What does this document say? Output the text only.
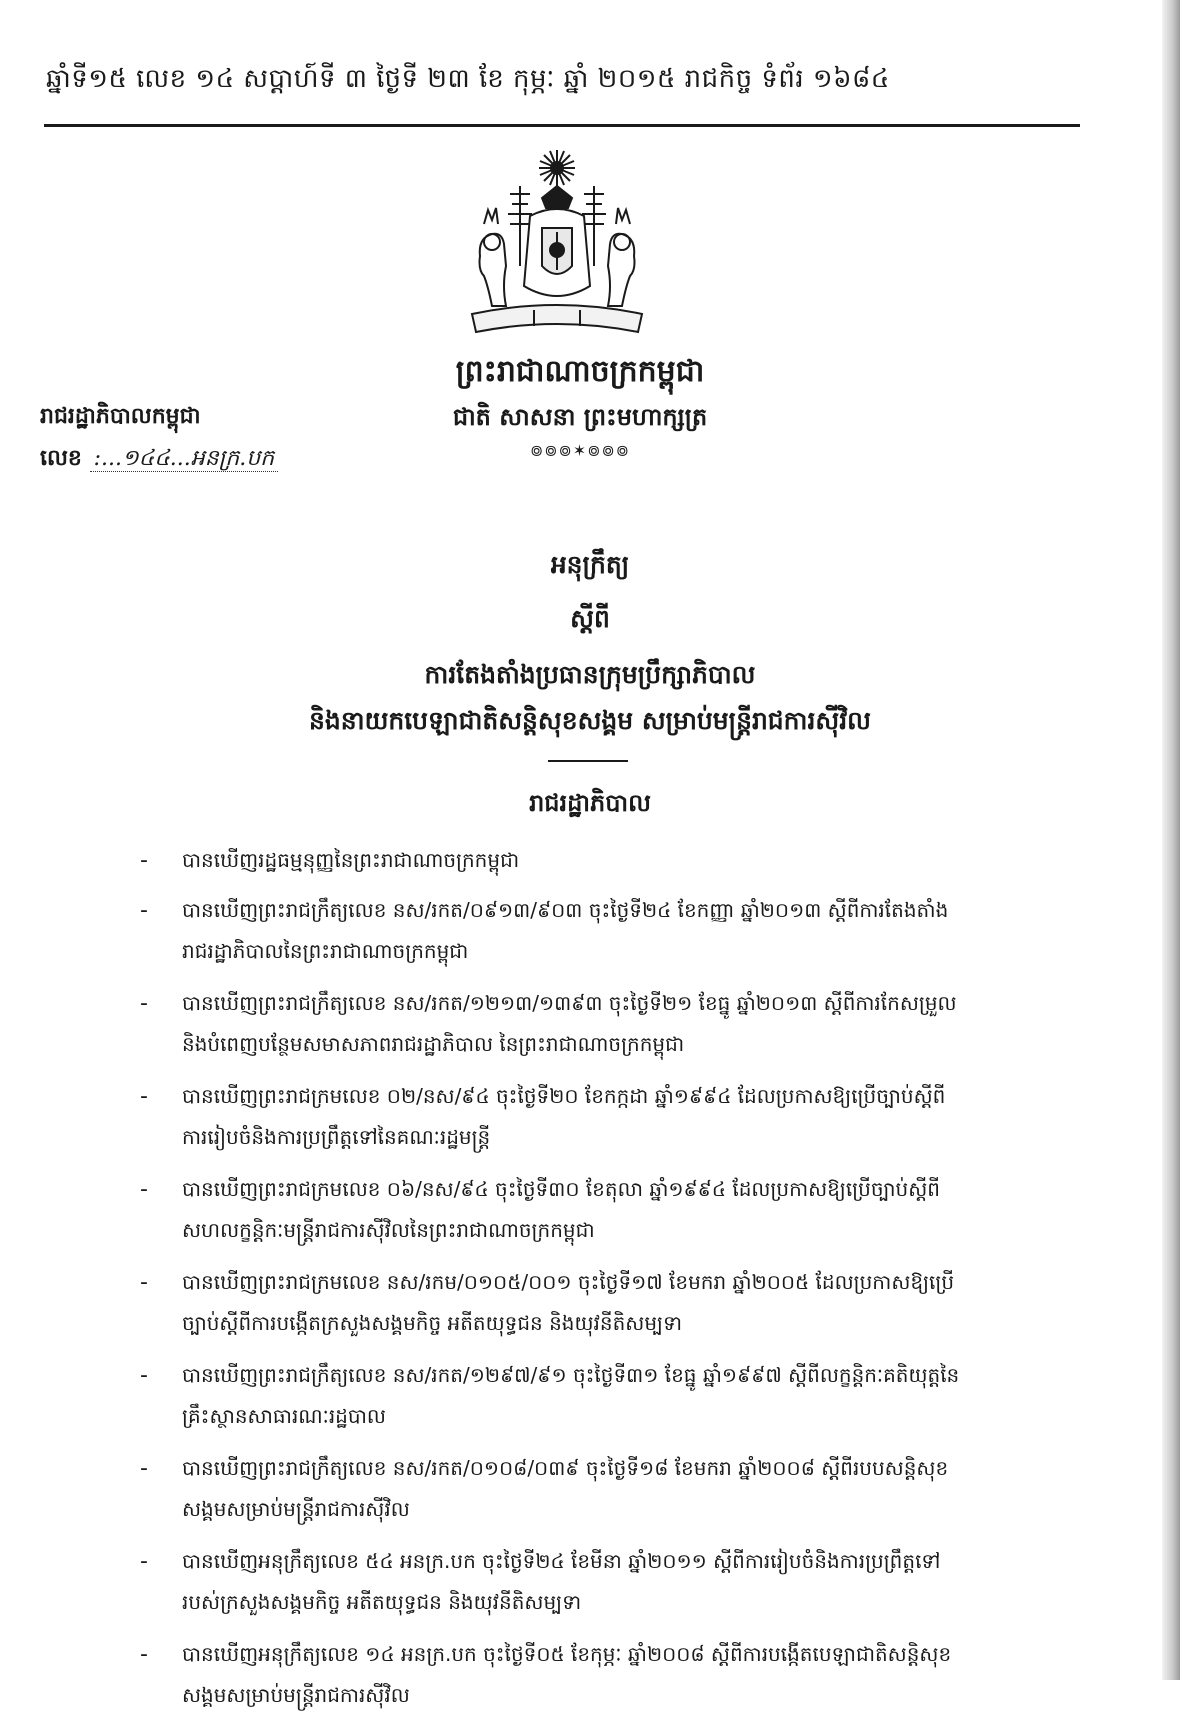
ឆ្នាំទី១៥ លេខ ១៤ សប្តាហ៍ទី ៣ ថ្ងៃទី ២៣ ខែ កុម្ភៈ ឆ្នាំ ២០១៥ រាជកិច្ច ទំព័រ ១៦៨៤
ព្រះរាជាណាចក្រកម្ពុជា
ជាតិ សាសនា ព្រះមហាក្សត្រ
៙៙៙✶៙៙៙
រាជរដ្ឋាភិបាលកម្ពុជា
លេខ :...១៤៤...អនក្រ.បក
អនុក្រឹត្យ
ស្តីពី
ការតែងតាំងប្រធានក្រុមប្រឹក្សាភិបាល
និងនាយកបេឡាជាតិសន្តិសុខសង្គម សម្រាប់មន្ត្រីរាជការស៊ីវិល
រាជរដ្ឋាភិបាល
- បានឃើញរដ្ឋធម្មនុញ្ញនៃព្រះរាជាណាចក្រកម្ពុជា
- បានឃើញព្រះរាជក្រឹត្យលេខ នស/រកត/០៩១៣/៩០៣ ចុះថ្ងៃទី២៤ ខែកញ្ញា ឆ្នាំ២០១៣ ស្តីពីការតែងតាំង
រាជរដ្ឋាភិបាលនៃព្រះរាជាណាចក្រកម្ពុជា
- បានឃើញព្រះរាជក្រឹត្យលេខ នស/រកត/១២១៣/១៣៩៣ ចុះថ្ងៃទី២១ ខែធ្នូ ឆ្នាំ២០១៣ ស្តីពីការកែសម្រួល
និងបំពេញបន្ថែមសមាសភាពរាជរដ្ឋាភិបាល នៃព្រះរាជាណាចក្រកម្ពុជា
- បានឃើញព្រះរាជក្រមលេខ ០២/នស/៩៤ ចុះថ្ងៃទី២០ ខែកក្កដា ឆ្នាំ១៩៩៤ ដែលប្រកាសឱ្យប្រើច្បាប់ស្តីពី
ការរៀបចំនិងការប្រព្រឹត្តទៅនៃគណៈរដ្ឋមន្ត្រី
- បានឃើញព្រះរាជក្រមលេខ ០៦/នស/៩៤ ចុះថ្ងៃទី៣០ ខែតុលា ឆ្នាំ១៩៩៤ ដែលប្រកាសឱ្យប្រើច្បាប់ស្តីពី
សហលក្ខន្តិកៈមន្ត្រីរាជការស៊ីវិលនៃព្រះរាជាណាចក្រកម្ពុជា
- បានឃើញព្រះរាជក្រមលេខ នស/រកម/០១០៥/០០១ ចុះថ្ងៃទី១៧ ខែមករា ឆ្នាំ២០០៥ ដែលប្រកាសឱ្យប្រើ
ច្បាប់ស្តីពីការបង្កើតក្រសួងសង្គមកិច្ច អតីតយុទ្ធជន និងយុវនីតិសម្បទា
- បានឃើញព្រះរាជក្រឹត្យលេខ នស/រកត/១២៩៧/៩១ ចុះថ្ងៃទី៣១ ខែធ្នូ ឆ្នាំ១៩៩៧ ស្តីពីលក្ខន្តិកៈគតិយុត្តនៃ
គ្រឹះស្ថានសាធារណៈរដ្ឋបាល
- បានឃើញព្រះរាជក្រឹត្យលេខ នស/រកត/០១០៨/០៣៩ ចុះថ្ងៃទី១៨ ខែមករា ឆ្នាំ២០០៨ ស្តីពីរបបសន្តិសុខ
សង្គមសម្រាប់មន្ត្រីរាជការស៊ីវិល
- បានឃើញអនុក្រឹត្យលេខ ៥៤ អនក្រ.បក ចុះថ្ងៃទី២៤ ខែមីនា ឆ្នាំ២០១១ ស្តីពីការរៀបចំនិងការប្រព្រឹត្តទៅ
របស់ក្រសួងសង្គមកិច្ច អតីតយុទ្ធជន និងយុវនីតិសម្បទា
- បានឃើញអនុក្រឹត្យលេខ ១៤ អនក្រ.បក ចុះថ្ងៃទី០៥ ខែកុម្ភៈ ឆ្នាំ២០០៨ ស្តីពីការបង្កើតបេឡាជាតិសន្តិសុខ
សង្គមសម្រាប់មន្ត្រីរាជការស៊ីវិល
